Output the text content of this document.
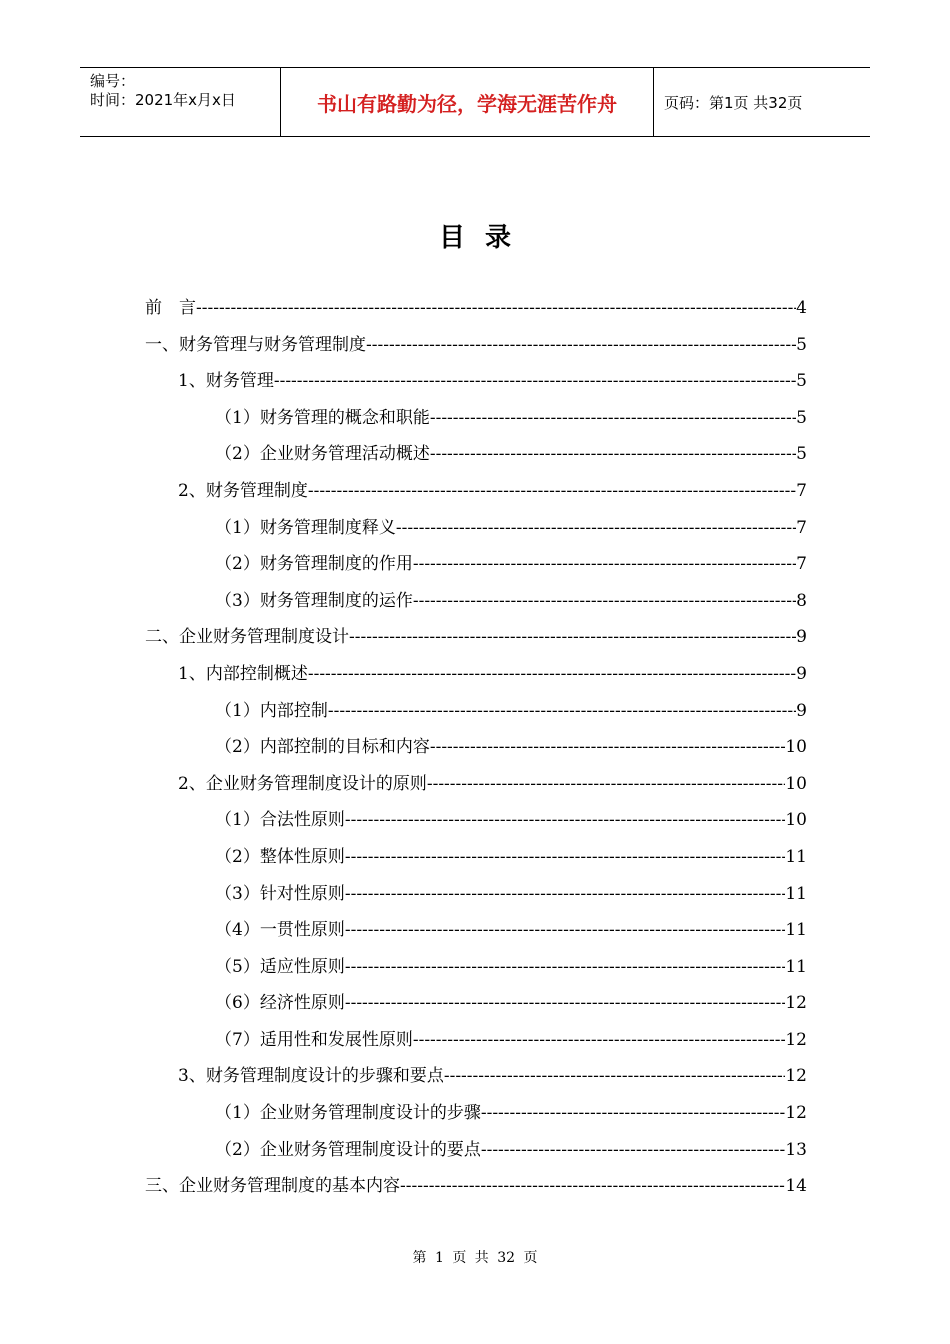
编号：
时间：2021年x月x日	书山有路勤为径，学海无涯苦作舟	页码：第1页 共32页
目录
前　言 -----	4
一、财务管理与财务管理制度 -----	5
1、财务管理 -----	5
（1）财务管理的概念和职能 -----	5
（2）企业财务管理活动概述 -----	5
2、财务管理制度 -----	7
（1）财务管理制度释义 -----	7
（2）财务管理制度的作用 -----	7
（3）财务管理制度的运作 -----	8
二、企业财务管理制度设计 -----	9
1、内部控制概述 -----	9
（1）内部控制 -----	9
（2）内部控制的目标和内容 -----	10
2、企业财务管理制度设计的原则 -----	10
（1）合法性原则 -----	10
（2）整体性原则 -----	11
（3）针对性原则 -----	11
（4）一贯性原则 -----	11
（5）适应性原则 -----	11
（6）经济性原则 -----	12
（7）适用性和发展性原则 -----	12
3、财务管理制度设计的步骤和要点 -----	12
（1）企业财务管理制度设计的步骤 -----	12
（2）企业财务管理制度设计的要点 -----	13
三、企业财务管理制度的基本内容 -----	14
第 1 页 共 32 页
